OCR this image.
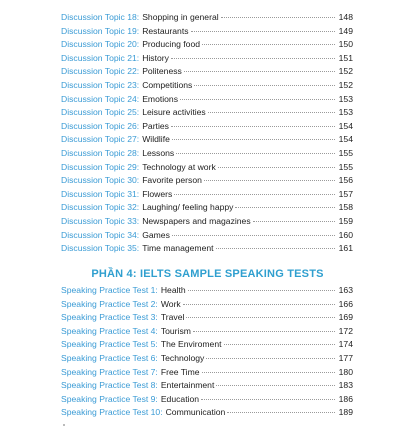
Discussion Topic 18: Shopping in general	148
Discussion Topic 19: Restaurants	149
Discussion Topic 20: Producing food	150
Discussion Topic 21: History	151
Discussion Topic 22: Politeness	152
Discussion Topic 23: Competitions	152
Discussion Topic 24: Emotions	153
Discussion Topic 25: Leisure activities	153
Discussion Topic 26: Parties	154
Discussion Topic 27: Wildlife	154
Discussion Topic 28: Lessons	155
Discussion Topic 29: Technology at work	155
Discussion Topic 30: Favorite person	156
Discussion Topic 31: Flowers	157
Discussion Topic 32: Laughing/ feeling happy	158
Discussion Topic 33: Newspapers and magazines	159
Discussion Topic 34: Games	160
Discussion Topic 35: Time management	161
PHẦN 4: IELTS SAMPLE SPEAKING TESTS
Speaking Practice Test 1: Health	163
Speaking Practice Test 2: Work	166
Speaking Practice Test 3: Travel	169
Speaking Practice Test 4: Tourism	172
Speaking Practice Test 5: The Enviroment	174
Speaking Practice Test 6: Technology	177
Speaking Practice Test 7: Free Time	180
Speaking Practice Test 8: Entertainment	183
Speaking Practice Test 9: Education	186
Speaking Practice Test 10: Communication	189
